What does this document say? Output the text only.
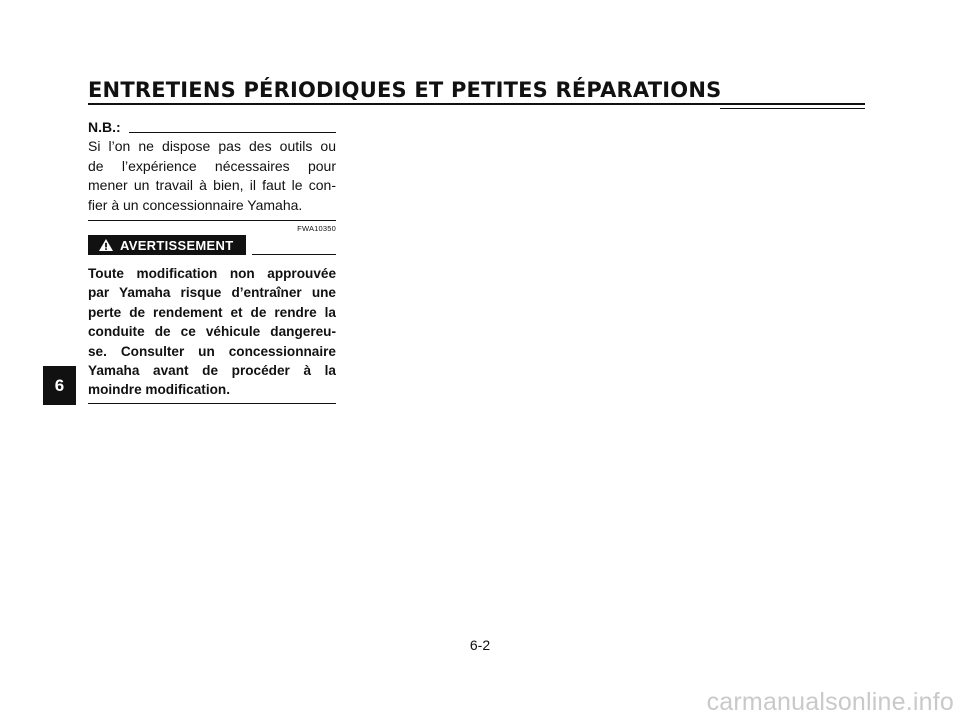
ENTRETIENS PÉRIODIQUES ET PETITES RÉPARATIONS
N.B.:
Si l’on ne dispose pas des outils ou
de l’expérience nécessaires pour
mener un travail à bien, il faut le con-
fier à un concessionnaire Yamaha.
FWA10350
AVERTISSEMENT
Toute modification non approuvée
par Yamaha risque d’entraîner une
perte de rendement et de rendre la
conduite de ce véhicule dangereu-
se. Consulter un concessionnaire
Yamaha avant de procéder à la
moindre modification.
6
6-2
carmanualsonline.info
